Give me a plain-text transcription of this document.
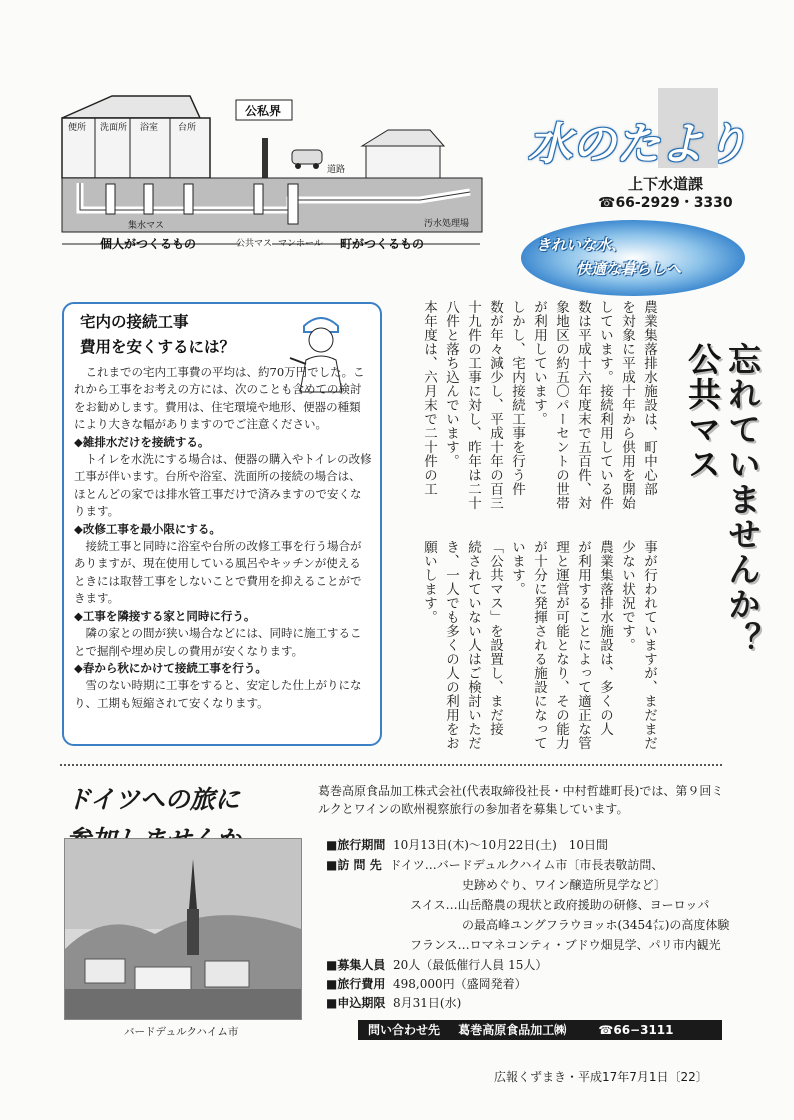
便所 洗面所 浴室 台所
公私界
道路
集水マス	汚水処理場
個人がつくるもの	公共マス マンホール 町がつくるもの
水のたより
上下水道課
☎66-2929・3330
きれいな水、
快適な暮らしへ
宅内の接続工事
費用を安くするには？

これまでの宅内工事費の平均は、約70万円でした。これから工事をお考えの方には、次のことも含めての検討をお勧めします。費用は、住宅環境や地形、便器の種類により大きな幅がありますのでご注意ください。

◆雑排水だけを接続する。

トイレを水洗にする場合は、便器の購入やトイレの改修工事が伴います。台所や浴室、洗面所の接続の場合は、ほとんどの家では排水管工事だけで済みますので安くなります。

◆改修工事を最小限にする。

接続工事と同時に浴室や台所の改修工事を行う場合がありますが、現在使用している風呂やキッチンが使えるときには取替工事をしないことで費用を抑えることができます。

◆工事を隣接する家と同時に行う。

隣の家との間が狭い場合などには、同時に施工することで掘削や埋め戻しの費用が安くなります。

◆春から秋にかけて接続工事を行う。

雪のない時期に工事をすると、安定した仕上がりになり、工期も短縮されて安くなります。

公共マス 忘れていませんか？
農業集落排水施設は、町中心部
を対象に平成十年から供用を開始
しています。接続利用している件
数は平成十六年度末で五百件、対
象地区の約五〇パーセントの世帯
が利用しています。
しかし、宅内接続工事を行う件
数が年々減少し、平成十年の百三
十九件の工事に対し、昨年は二十
八件と落ち込んでいます。
本年度は、六月末で二十件の工
事が行われていますが、まだまだ
少ない状況です。
農業集落排水施設は、多くの人
が利用することによって適正な管
理と運営が可能となり、その能力
が十分に発揮される施設になって
います。
「公共マス」を設置し、まだ接
続されていない人はご検討いただ
き、一人でも多くの人の利用をお
願いします。
ドイツへの旅に

バードデュルクハイム市
葛巻高原食品加工株式会社(代表取締役社長・中村哲雄町長)では、第９回ミルクとワインの欧州視察旅行の参加者を募集しています。
■旅行期間 10月13日(木)〜10月22日(土)　10日間
■訪 問 先 ドイツ…バードデュルクハイム市〔市長表敬訪問、
史跡めぐり、ワイン醸造所見学など〕
スイス…山岳酪農の現状と政府援助の研修、ヨーロッパ
の最高峰ユングフラウヨッホ(3454㍍)の高度体験
フランス…ロマネコンティ・ブドウ畑見学、パリ市内観光
■募集人員 20人（最低催行人員 15人）
■旅行費用 498,000円（盛岡発着）
■申込期限 8月31日(水)
問い合わせ先 葛巻高原食品加工㈱	☎66−3111
広報くずまき・平成17年7月1日〔22〕
